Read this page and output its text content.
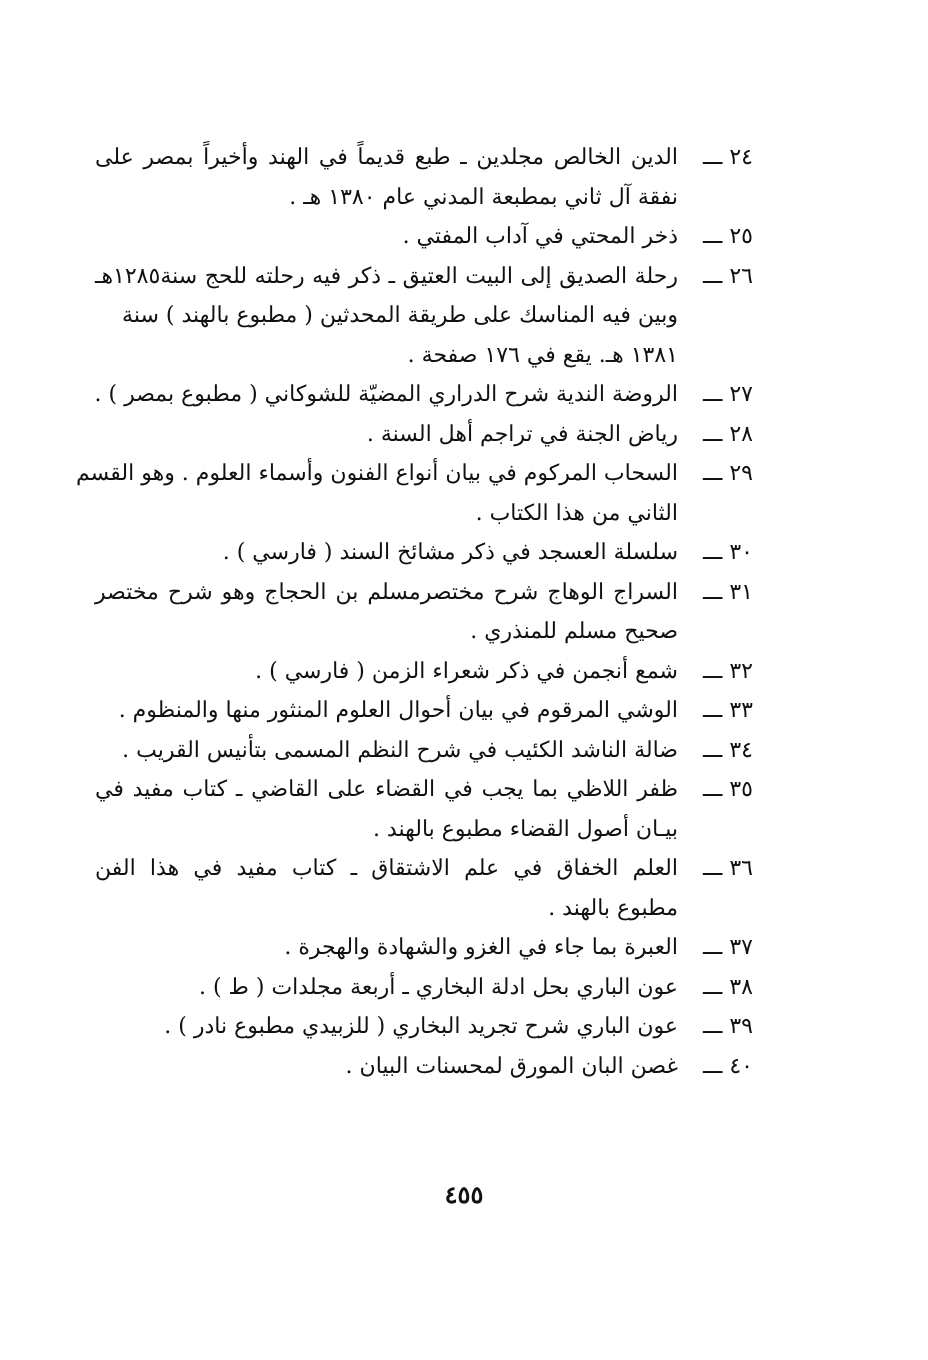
٢٤ ـــ
الدين الخالص مجلدين ـ طبع قديماً في الهند وأخيراً بمصر على
نفقة آل ثاني بمطبعة المدني عام ١٣٨٠ هـ .
٢٥ ـــ
ذخر المحتي في آداب المفتي .
٢٦ ـــ
رحلة الصديق إلى البيت العتيق ـ ذكر فيه رحلته للحج سنة١٢٨٥هـ
وبين فيه المناسك على طريقة المحدثين ( مطبوع بالهند ) سنة
١٣٨١ هـ. يقع في ١٧٦ صفحة .
٢٧ ـــ
الروضة الندية شرح الدراري المضيّة للشوكاني ( مطبوع بمصر ) .
٢٨ ـــ
رياض الجنة في تراجم أهل السنة .
٢٩ ـــ
السحاب المركوم في بيان أنواع الفنون وأسماء العلوم . وهو القسم
الثاني من هذا الكتاب .
٣٠ ـــ
سلسلة العسجد في ذكر مشائخ السند ( فارسي ) .
٣١ ـــ
السراج الوهاج شرح مختصرمسلم بن الحجاج وهو شرح مختصر
صحيح مسلم للمنذري .
٣٢ ـــ
شمع أنجمن في ذكر شعراء الزمن ( فارسي ) .
٣٣ ـــ
الوشي المرقوم في بيان أحوال العلوم المنثور منها والمنظوم .
٣٤ ـــ
ضالة الناشد الكئيب في شرح النظم المسمى بتأنيس القريب .
٣٥ ـــ
ظفر اللاظي بما يجب في القضاء على القاضي ـ كتاب مفيد في
بيـان أصول القضاء مطبوع بالهند .
٣٦ ـــ
العلم الخفاق في علم الاشتقاق ـ كتاب مفيد في هذا الفن
مطبوع بالهند .
٣٧ ـــ
العبرة بما جاء في الغزو والشهادة والهجرة .
٣٨ ـــ
عون الباري بحل ادلة البخاري ـ أربعة مجلدات ( ط ) .
٣٩ ـــ
عون الباري شرح تجريد البخاري ( للزبيدي مطبوع نادر ) .
٤٠ ـــ
غصن البان المورق لمحسنات البيان .
٤٥٥
